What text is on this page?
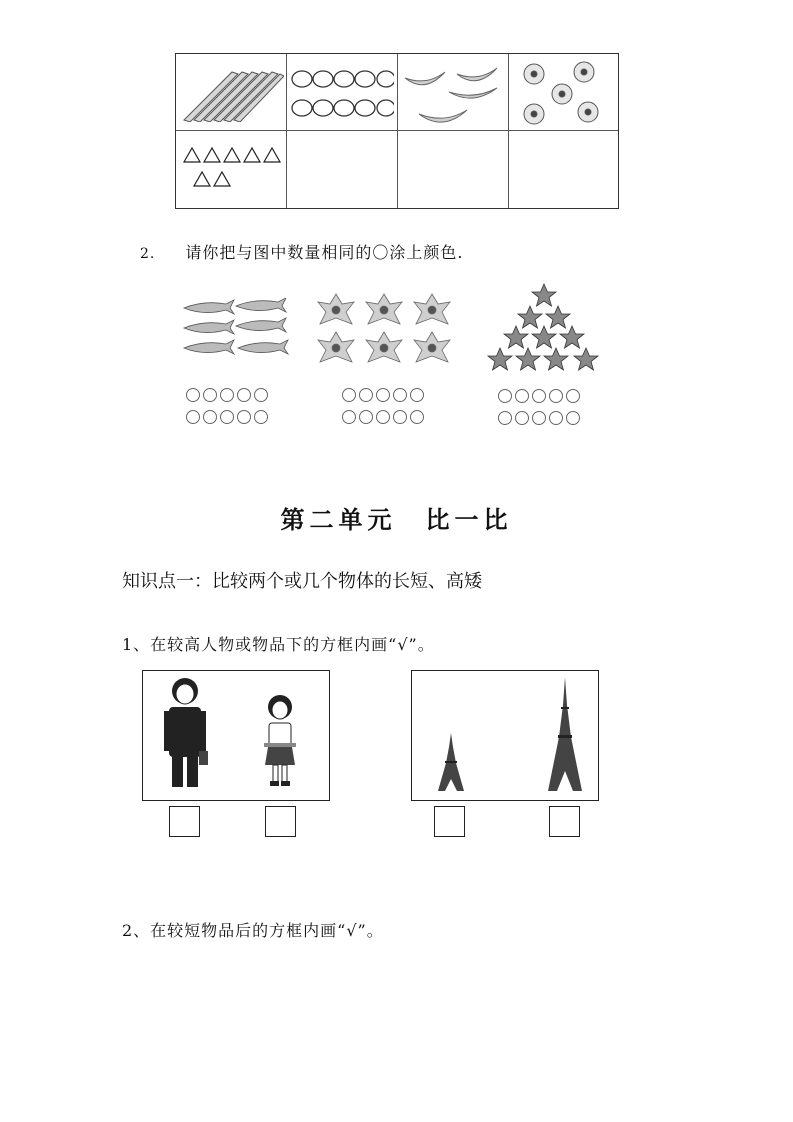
2. 请你把与图中数量相同的〇涂上颜色.
第二单元　比一比
知识点一：比较两个或几个物体的长短、高矮
1、在较高人物或物品下的方框内画“√”。
2、在较短物品后的方框内画“√”。
